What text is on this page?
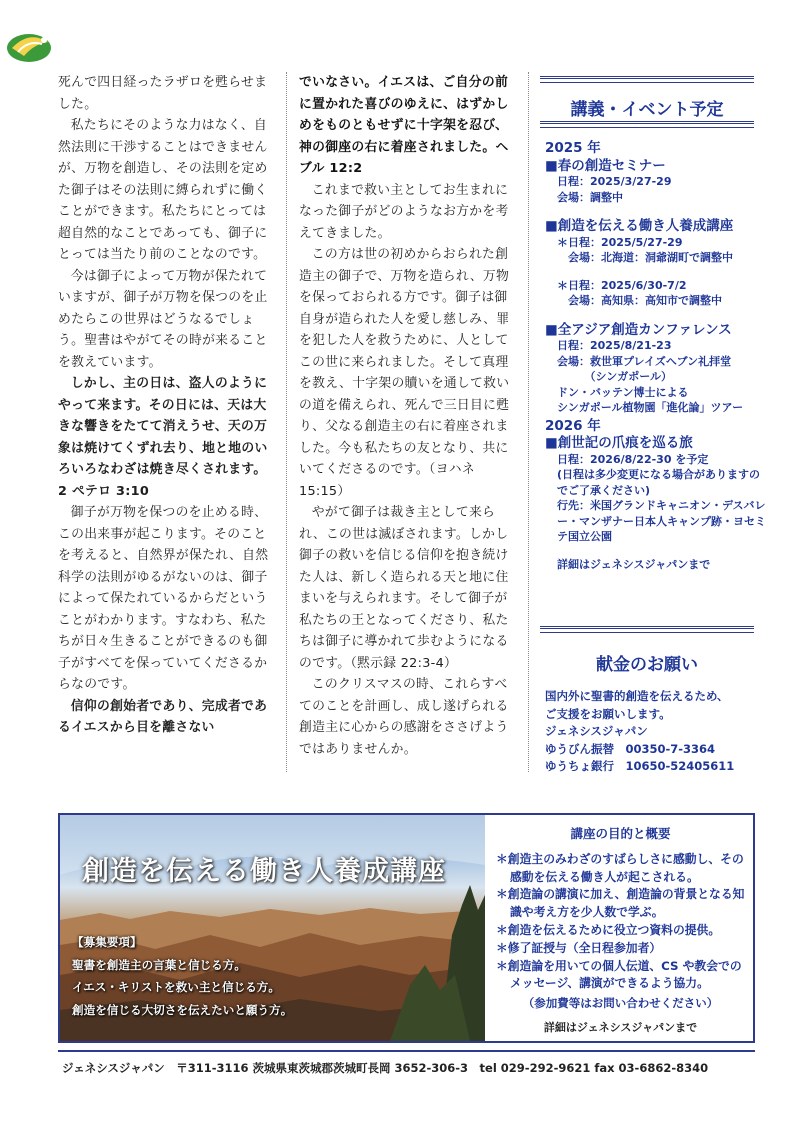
死んで四日経ったラザロを甦らせました。

私たちにそのような力はなく、自然法則に干渉することはできませんが、万物を創造し、その法則を定めた御子はその法則に縛られずに働くことができます。私たちにとっては超自然的なことであっても、御子にとっては当たり前のことなのです。

今は御子によって万物が保たれていますが、御子が万物を保つのを止めたらこの世界はどうなるでしょう。聖書はやがてその時が来ることを教えています。

しかし、主の日は、盗人のようにやって来ます。その日には、天は大きな響きをたてて消えうせ、天の万象は焼けてくずれ去り、地と地のいろいろなわざは焼き尽くされます。2 ペテロ 3:10

御子が万物を保つのを止める時、この出来事が起こります。そのことを考えると、自然界が保たれ、自然科学の法則がゆるがないのは、御子によって保たれているからだということがわかります。すなわち、私たちが日々生きることができるのも御子がすべてを保っていてくださるからなのです。

信仰の創始者であり、完成者であるイエスから目を離さない

でいなさい。イエスは、ご自分の前に置かれた喜びのゆえに、はずかしめをものともせずに十字架を忍び、神の御座の右に着座されました。ヘブル 12:2

これまで救い主としてお生まれになった御子がどのようなお方かを考えてきました。

この方は世の初めからおられた創造主の御子で、万物を造られ、万物を保っておられる方です。御子は御自身が造られた人を愛し慈しみ、罪を犯した人を救うために、人としてこの世に来られました。そして真理を教え、十字架の贖いを通して救いの道を備えられ、死んで三日目に甦り、父なる創造主の右に着座されました。今も私たちの友となり、共にいてくださるのです。（ヨハネ 15:15）

やがて御子は裁き主として来られ、この世は滅ぼされます。しかし御子の救いを信じる信仰を抱き続けた人は、新しく造られる天と地に住まいを与えられます。そして御子が私たちの王となってくださり、私たちは御子に導かれて歩むようになるのです。（黙示録 22:3-4）

このクリスマスの時、これらすべてのことを計画し、成し遂げられる創造主に心からの感謝をささげようではありませんか。

講義・イベント予定
2025 年
■春の創造セミナー
日程：2025/3/27-29
会場：調整中
■創造を伝える働き人養成講座
＊日程：2025/5/27-29
　会場：北海道：洞爺湖町で調整中
＊日程：2025/6/30-7/2
　会場：高知県：高知市で調整中
■全アジア創造カンファレンス
日程：2025/8/21-23
会場：救世軍プレイズヘブン礼拝堂
　　　（シンガポール）
ドン・バッテン博士による
シンガポール植物園「進化論」ツアー
2026 年
■創世記の爪痕を巡る旅
日程：2026/8/22-30 を予定
(日程は多少変更になる場合がありますのでご了承ください)
行先：米国グランドキャニオン・デスバレー・マンザナー日本人キャンプ跡・ヨセミテ国立公園
詳細はジェネシスジャパンまで
献金のお願い
国内外に聖書的創造を伝えるため、
ご支援をお願いします。
ジェネシスジャパン
ゆうびん振替　00350-7-3364
ゆうちょ銀行　10650-52405611
創造を伝える働き人養成講座
【募集要項】
聖書を創造主の言葉と信じる方。
イエス・キリストを救い主と信じる方。
創造を信じる大切さを伝えたいと願う方。
講座の目的と概要
＊創造主のみわざのすばらしさに感動し、その感動を伝える働き人が起こされる。
＊創造論の講演に加え、創造論の背景となる知識や考え方を少人数で学ぶ。
＊創造を伝えるために役立つ資料の提供。
＊修了証授与（全日程参加者）
＊創造論を用いての個人伝道、CS や教会でのメッセージ、講演ができるよう協力。
（参加費等はお問い合わせください）
詳細はジェネシスジャパンまで
ジェネシスジャパン　〒311-3116 茨城県東茨城郡茨城町長岡 3652-306-3　tel 029-292-9621 fax 03-6862-8340
